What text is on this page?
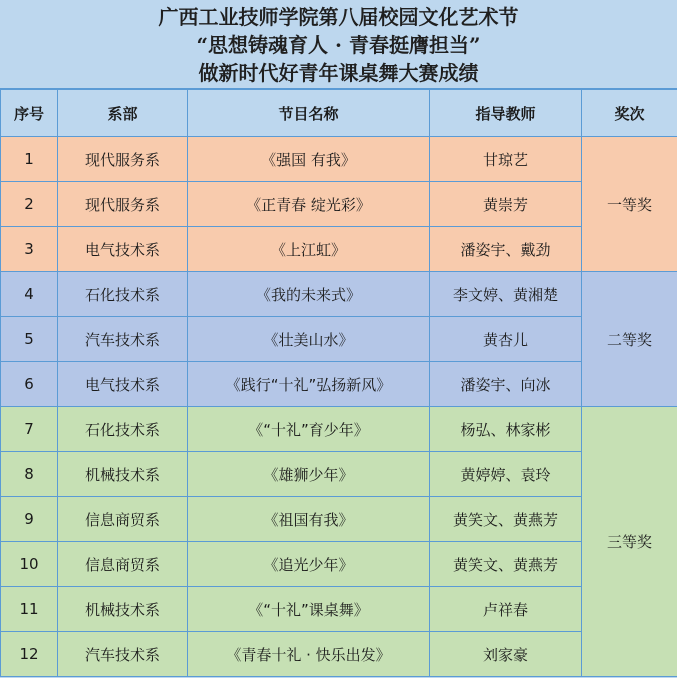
广西工业技师学院第八届校园文化艺术节
“思想铸魂育人 · 青春挺膺担当”
做新时代好青年课桌舞大赛成绩
序号	系部	节目名称	指导教师	奖次
1	现代服务系	《强国 有我》	甘琼艺	一等奖
2	现代服务系	《正青春 绽光彩》	黄崇芳	
3	电气技术系	《上江虹》	潘姿宇、戴劲	
4	石化技术系	《我的未来式》	李文婷、黄湘楚	二等奖
5	汽车技术系	《壮美山水》	黄杏儿	
6	电气技术系	《践行“十礼”弘扬新风》	潘姿宇、向冰	
7	石化技术系	《“十礼”育少年》	杨弘、林家彬	三等奖
8	机械技术系	《雄狮少年》	黄婷婷、袁玲	
9	信息商贸系	《祖国有我》	黄笑文、黄燕芳	
10	信息商贸系	《追光少年》	黄笑文、黄燕芳	
11	机械技术系	《“十礼”课桌舞》	卢祥春	
12	汽车技术系	《青春十礼 · 快乐出发》	刘家豪	
